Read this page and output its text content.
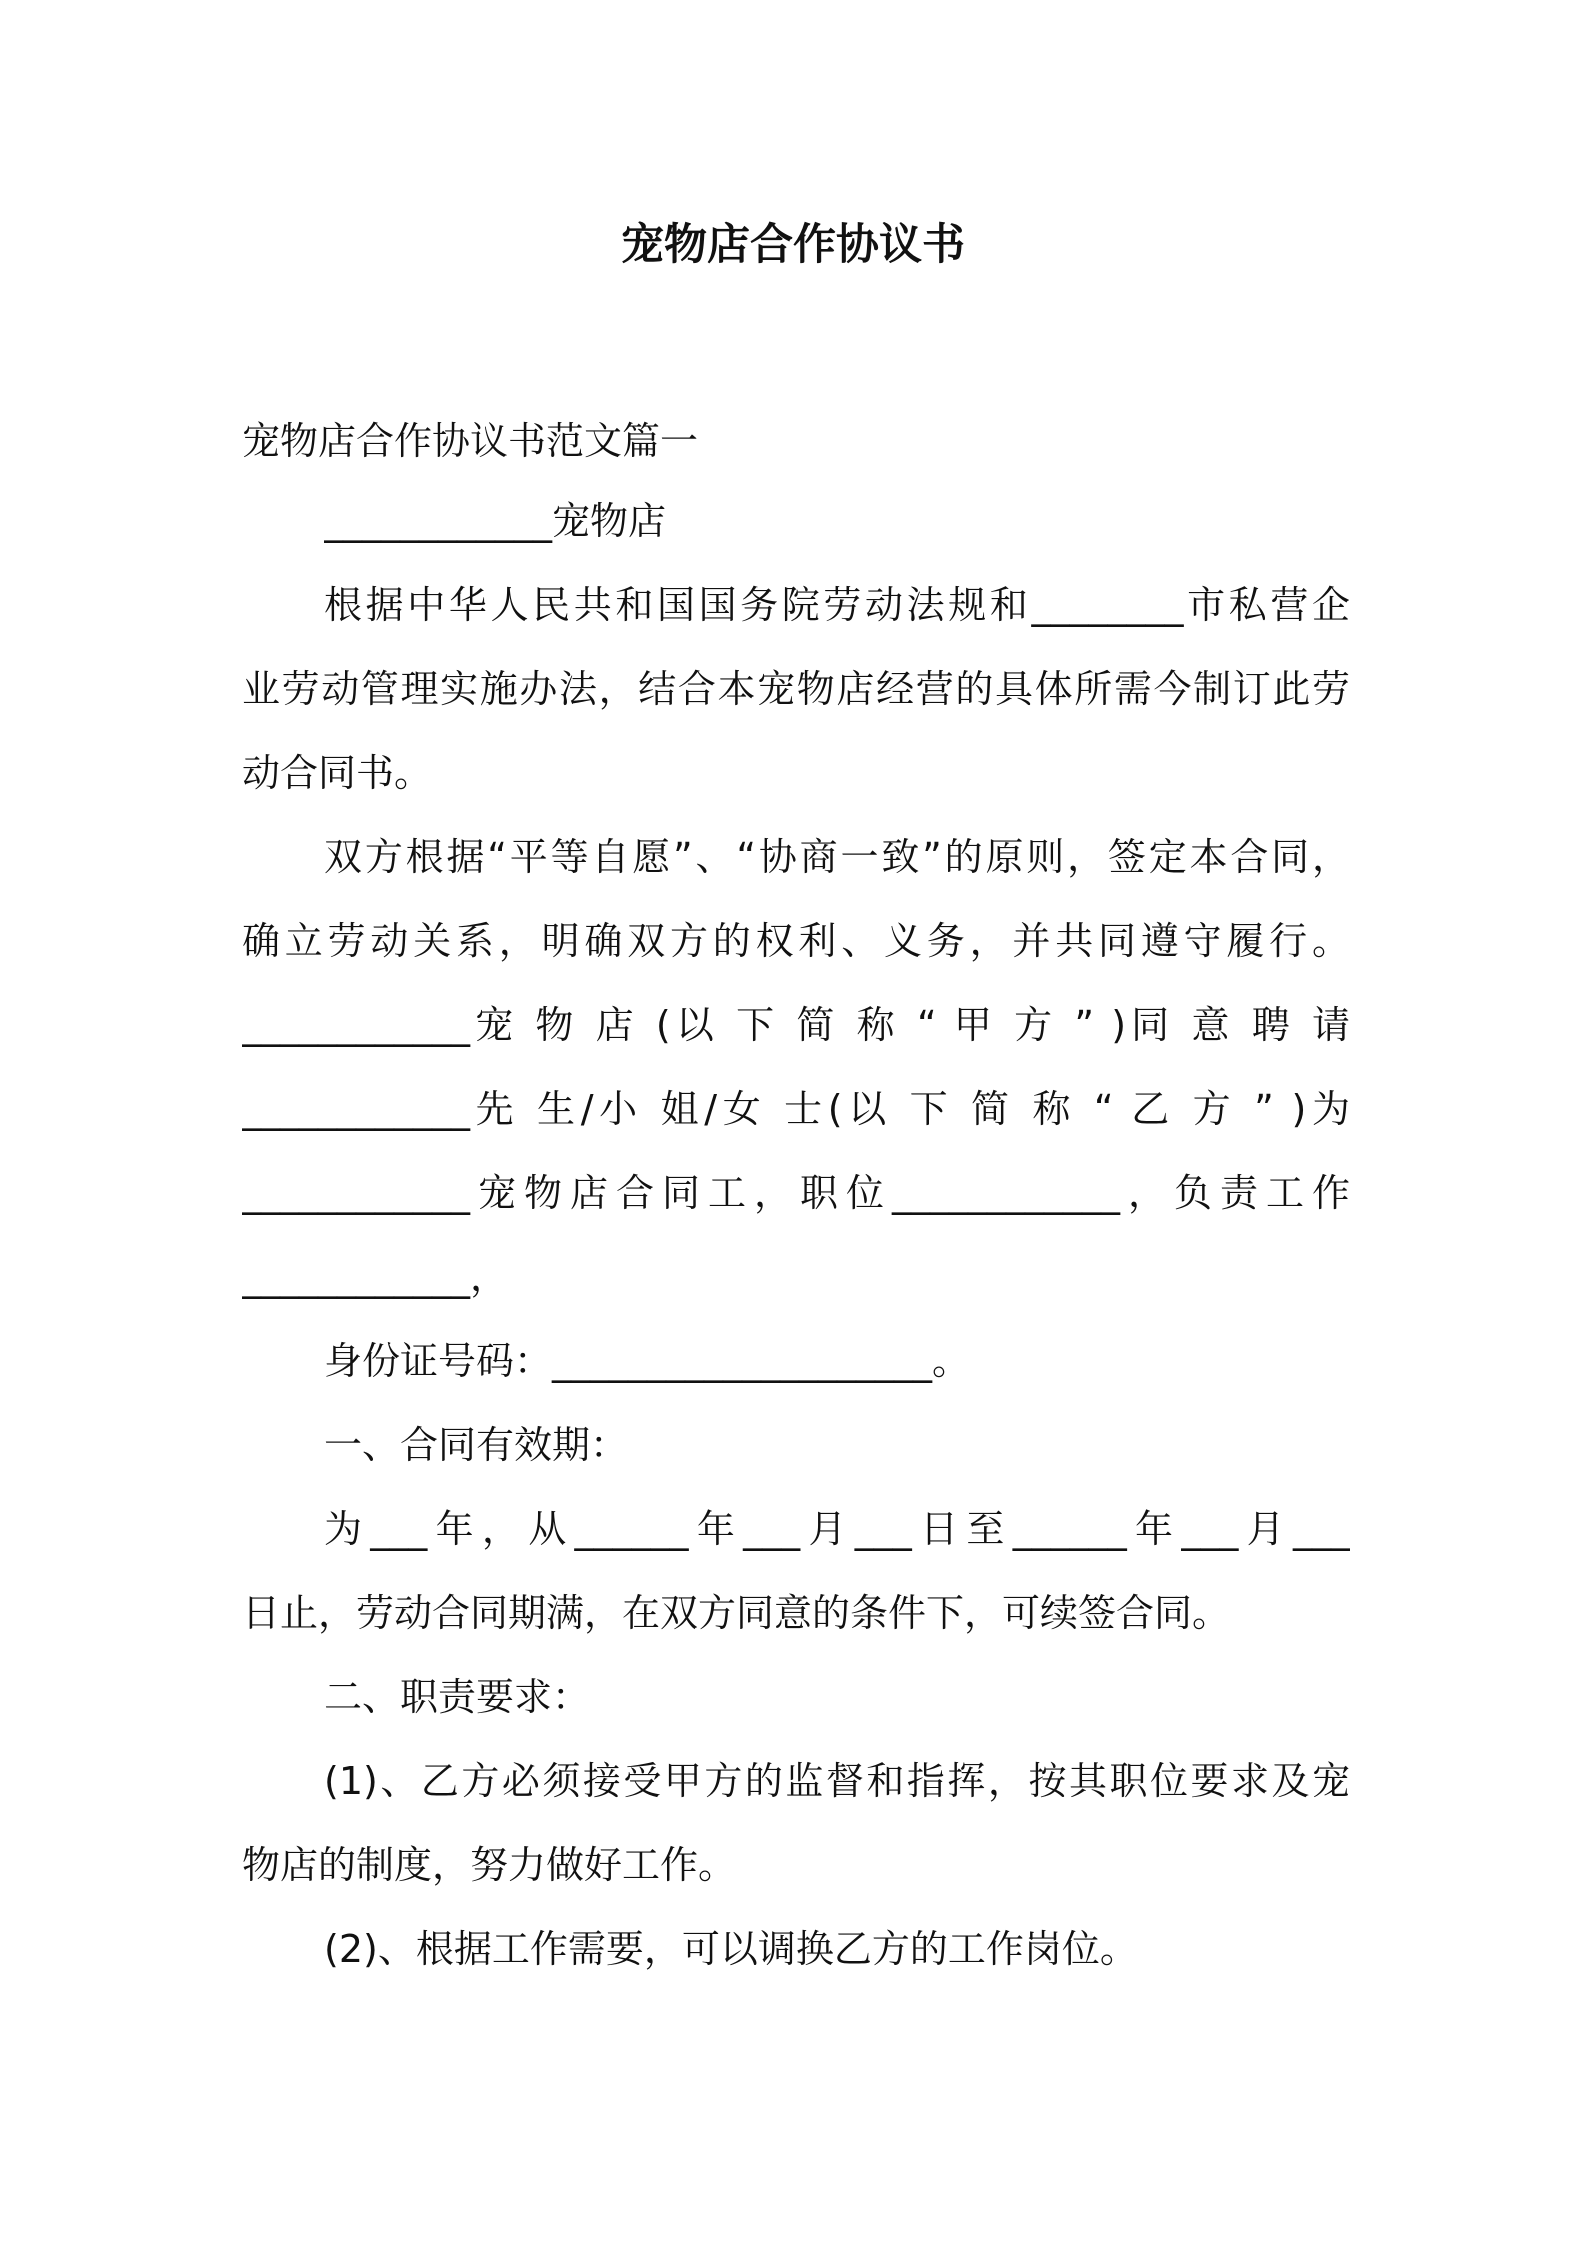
宠物店合作协议书
宠物店合作协议书范文篇一
____________宠物店
根据中华人民共和国国务院劳动法规和________市私营企
业劳动管理实施办法，结合本宠物店经营的具体所需今制订此劳
动合同书。
双方根据“平等自愿”、“协商一致”的原则，签定本合同，
确立劳动关系，明确双方的权利、义务，并共同遵守履行。
____________宠 物 店 (以 下 简 称 “ 甲 方 ” )同 意 聘 请
____________先 生/小 姐/女 士(以 下 简 称 “ 乙 方 ” )为
____________宠物店合同工，职位____________，负责工作
____________，
身份证号码：____________________。
一、合同有效期：
为___年，从______年___月___日至______年___月___
日止，劳动合同期满，在双方同意的条件下，可续签合同。
二、职责要求：
(1)、乙方必须接受甲方的监督和指挥，按其职位要求及宠
物店的制度，努力做好工作。
(2)、根据工作需要，可以调换乙方的工作岗位。
